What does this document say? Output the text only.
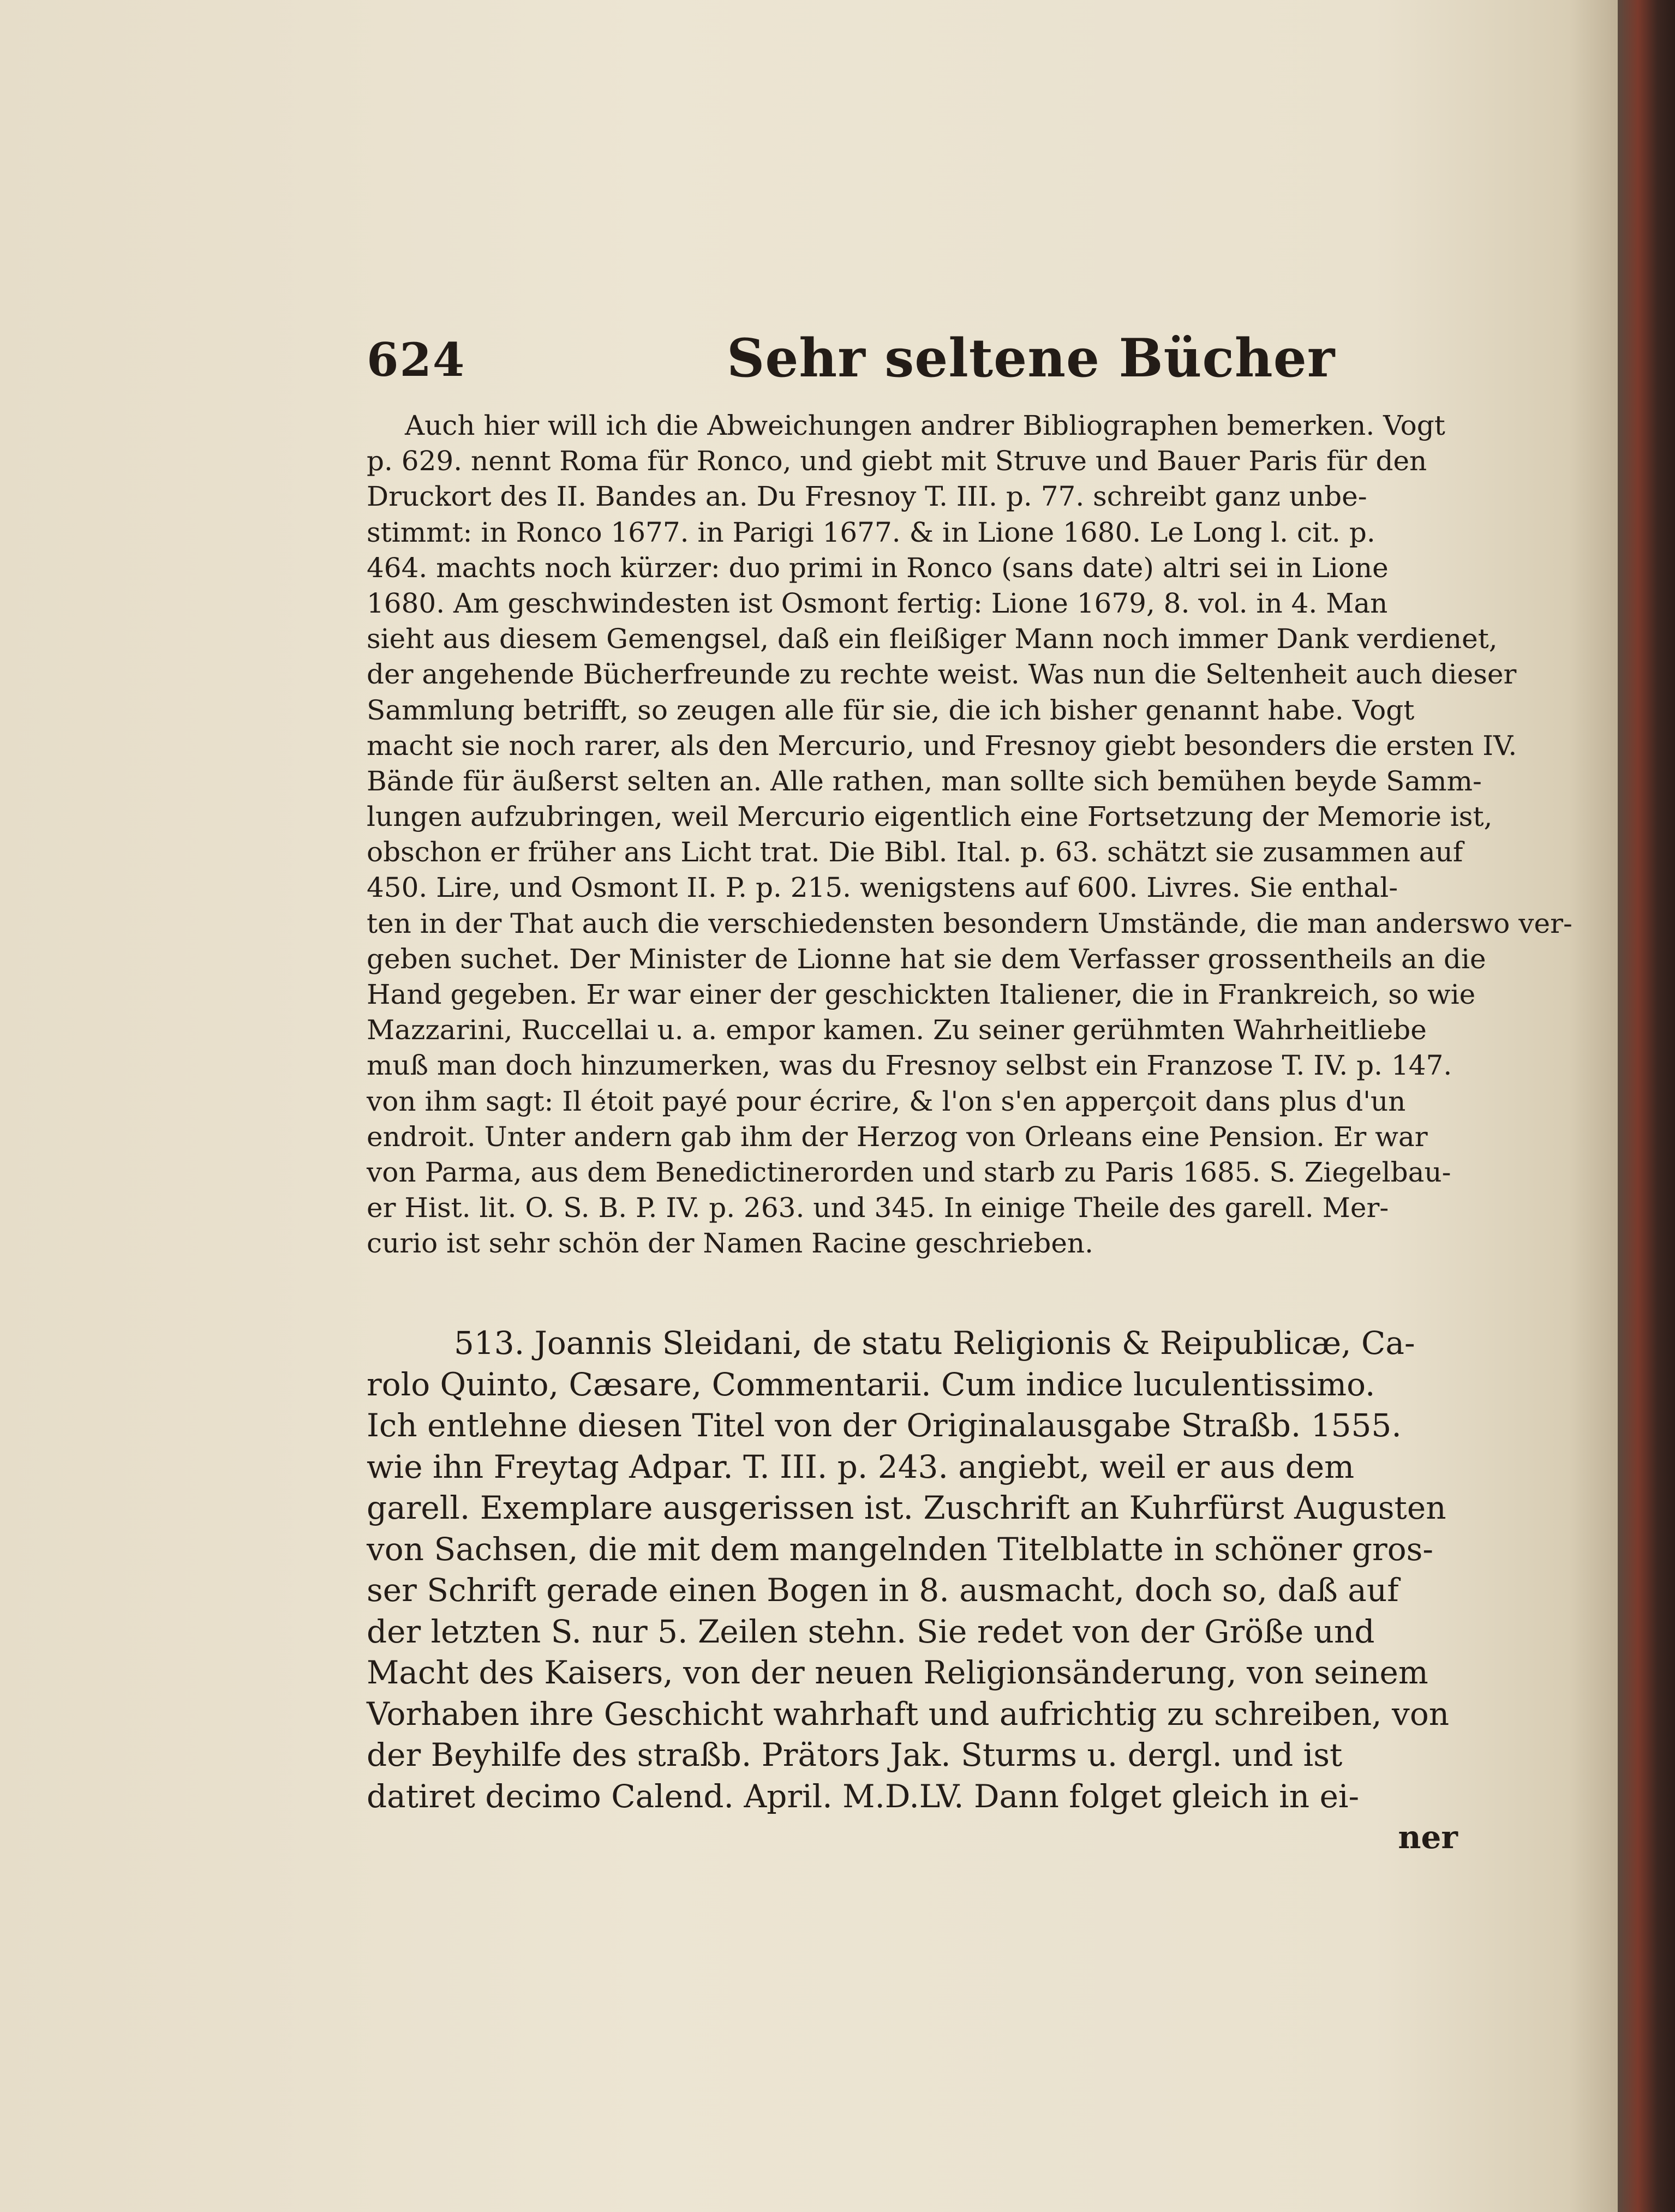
624	Sehr seltene Bücher
Auch hier will ich die Abweichungen andrer Bibliographen bemerken. Vogt
p. 629. nennt Roma für Ronco, und giebt mit Struve und Bauer Paris für den
Druckort des II. Bandes an. Du Fresnoy T. III. p. 77. schreibt ganz unbe-
stimmt: in Ronco 1677. in Parigi 1677. & in Lione 1680. Le Long l. cit. p.
464. machts noch kürzer: duo primi in Ronco (sans date) altri sei in Lione
1680. Am geschwindesten ist Osmont fertig: Lione 1679, 8. vol. in 4. Man
sieht aus diesem Gemengsel, daß ein fleißiger Mann noch immer Dank verdienet,
der angehende Bücherfreunde zu rechte weist. Was nun die Seltenheit auch dieser
Sammlung betrifft, so zeugen alle für sie, die ich bisher genannt habe. Vogt
macht sie noch rarer, als den Mercurio, und Fresnoy giebt besonders die ersten IV.
Bände für äußerst selten an. Alle rathen, man sollte sich bemühen beyde Samm-
lungen aufzubringen, weil Mercurio eigentlich eine Fortsetzung der Memorie ist,
obschon er früher ans Licht trat. Die Bibl. Ital. p. 63. schätzt sie zusammen auf
450. Lire, und Osmont II. P. p. 215. wenigstens auf 600. Livres. Sie enthal-
ten in der That auch die verschiedensten besondern Umstände, die man anderswo ver-
geben suchet. Der Minister de Lionne hat sie dem Verfasser grossentheils an die
Hand gegeben. Er war einer der geschickten Italiener, die in Frankreich, so wie
Mazzarini, Ruccellai u. a. empor kamen. Zu seiner gerühmten Wahrheitliebe
muß man doch hinzumerken, was du Fresnoy selbst ein Franzose T. IV. p. 147.
von ihm sagt: Il étoit payé pour écrire, & l'on s'en apperçoit dans plus d'un
endroit. Unter andern gab ihm der Herzog von Orleans eine Pension. Er war
von Parma, aus dem Benedictinerorden und starb zu Paris 1685. S. Ziegelbau-
er Hist. lit. O. S. B. P. IV. p. 263. und 345. In einige Theile des garell. Mer-
curio ist sehr schön der Namen Racine geschrieben.
513. Joannis Sleidani, de statu Religionis & Reipublicæ, Ca-
rolo Quinto, Cæsare, Commentarii. Cum indice luculentissimo.
Ich entlehne diesen Titel von der Originalausgabe Straßb. 1555.
wie ihn Freytag Adpar. T. III. p. 243. angiebt, weil er aus dem
garell. Exemplare ausgerissen ist. Zuschrift an Kuhrfürst Augusten
von Sachsen, die mit dem mangelnden Titelblatte in schöner gros-
ser Schrift gerade einen Bogen in 8. ausmacht, doch so, daß auf
der letzten S. nur 5. Zeilen stehn. Sie redet von der Größe und
Macht des Kaisers, von der neuen Religionsänderung, von seinem
Vorhaben ihre Geschicht wahrhaft und aufrichtig zu schreiben, von
der Beyhilfe des straßb. Prätors Jak. Sturms u. dergl. und ist
datiret decimo Calend. April. M.D.LV. Dann folget gleich in ei-
ner
